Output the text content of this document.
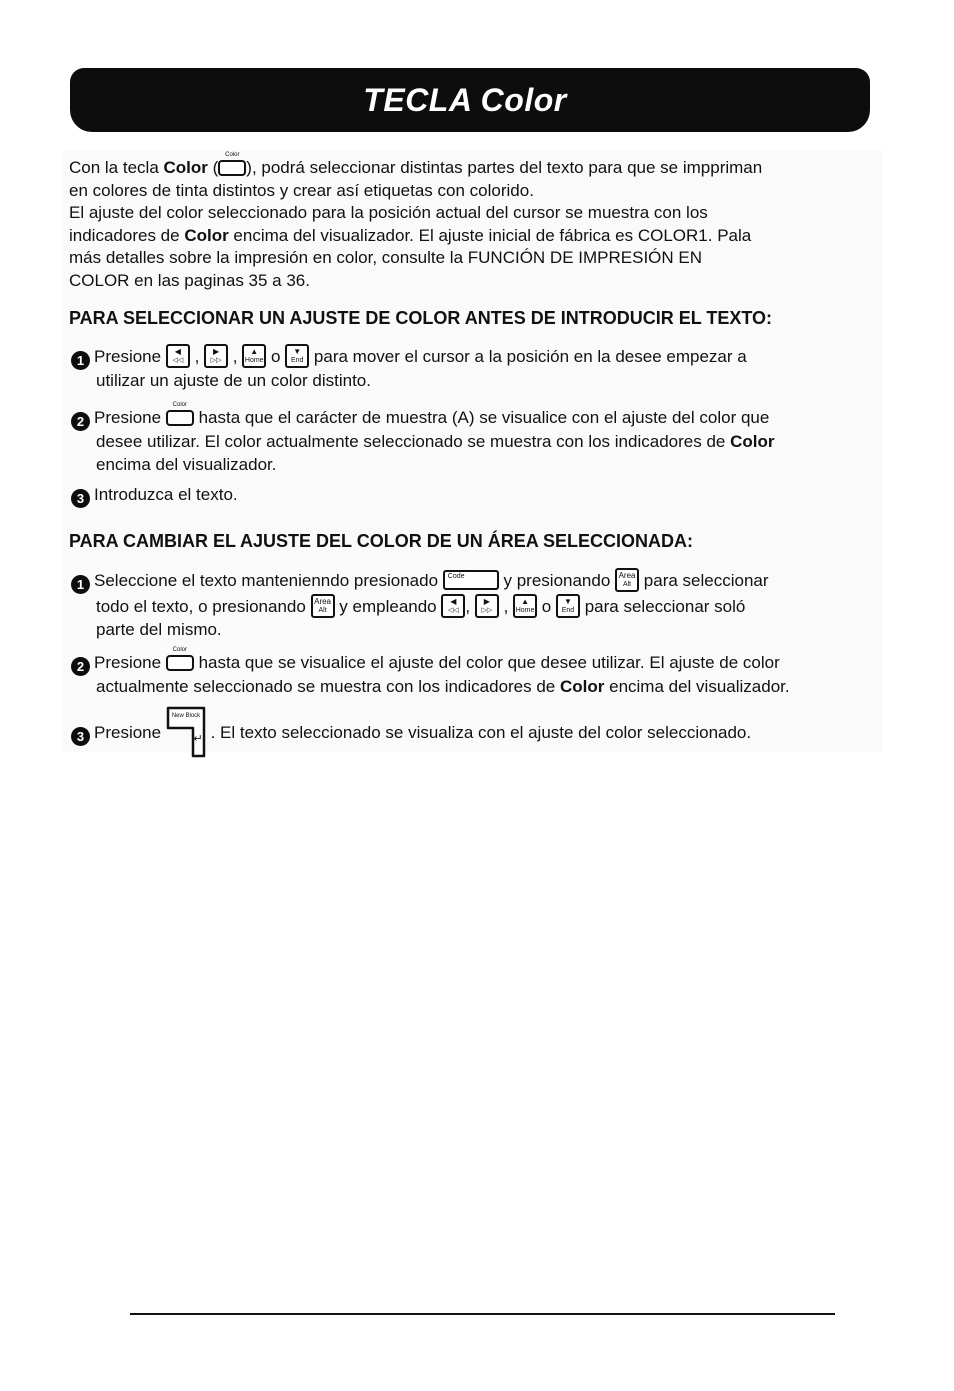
TECLA Color

Con la tecla Color (
Color
), podrá seleccionar distintas partes del texto para que se imppriman

en colores de tinta distintos y crear así etiquetas con colorido.

El ajuste del color seleccionado para la posición actual del cursor se muestra con los

indicadores de Color encima del visualizador. El ajuste inicial de fábrica es COLOR1. Pala

más detalles sobre la impresión en color, consulte la FUNCIÓN DE IMPRESIÓN EN

COLOR en las paginas 35 a 36.

PARA SELECCIONAR UN AJUSTE DE COLOR ANTES DE INTRODUCIR EL TEXTO:
1 Presione	◀
◁◁ ,	▶
▷▷ ,	▲
Home o	▼
End para mover el cursor a la posición en la desee empezar a
utilizar un ajuste de un color distinto.
2 Presione
Color
hasta que el carácter de muestra (A) se visualice con el ajuste del color que
desee utilizar. El color actualmente seleccionado se muestra con los indicadores de Color
encima del visualizador.
3 Introduzca el texto.
PARA CAMBIAR EL AJUSTE DEL COLOR DE UN ÁREA SELECCIONADA:
1 Seleccione el texto mantenienndo presionado Code y presionando Area
Alt para seleccionar
todo el texto, o presionando Area
Alt y empleando	◀
◁◁ ,	▶
▷▷ ,	▲
Home o	▼
End para seleccionar soló
parte del mismo.
2 Presione
Color
hasta que se visualice el ajuste del color que desee utilizar. El ajuste de color
actualmente seleccionado se muestra con los indicadores de Color encima del visualizador.
3 Presione
New Block
↵ . El texto seleccionado se visualiza con el ajuste del color seleccionado.
